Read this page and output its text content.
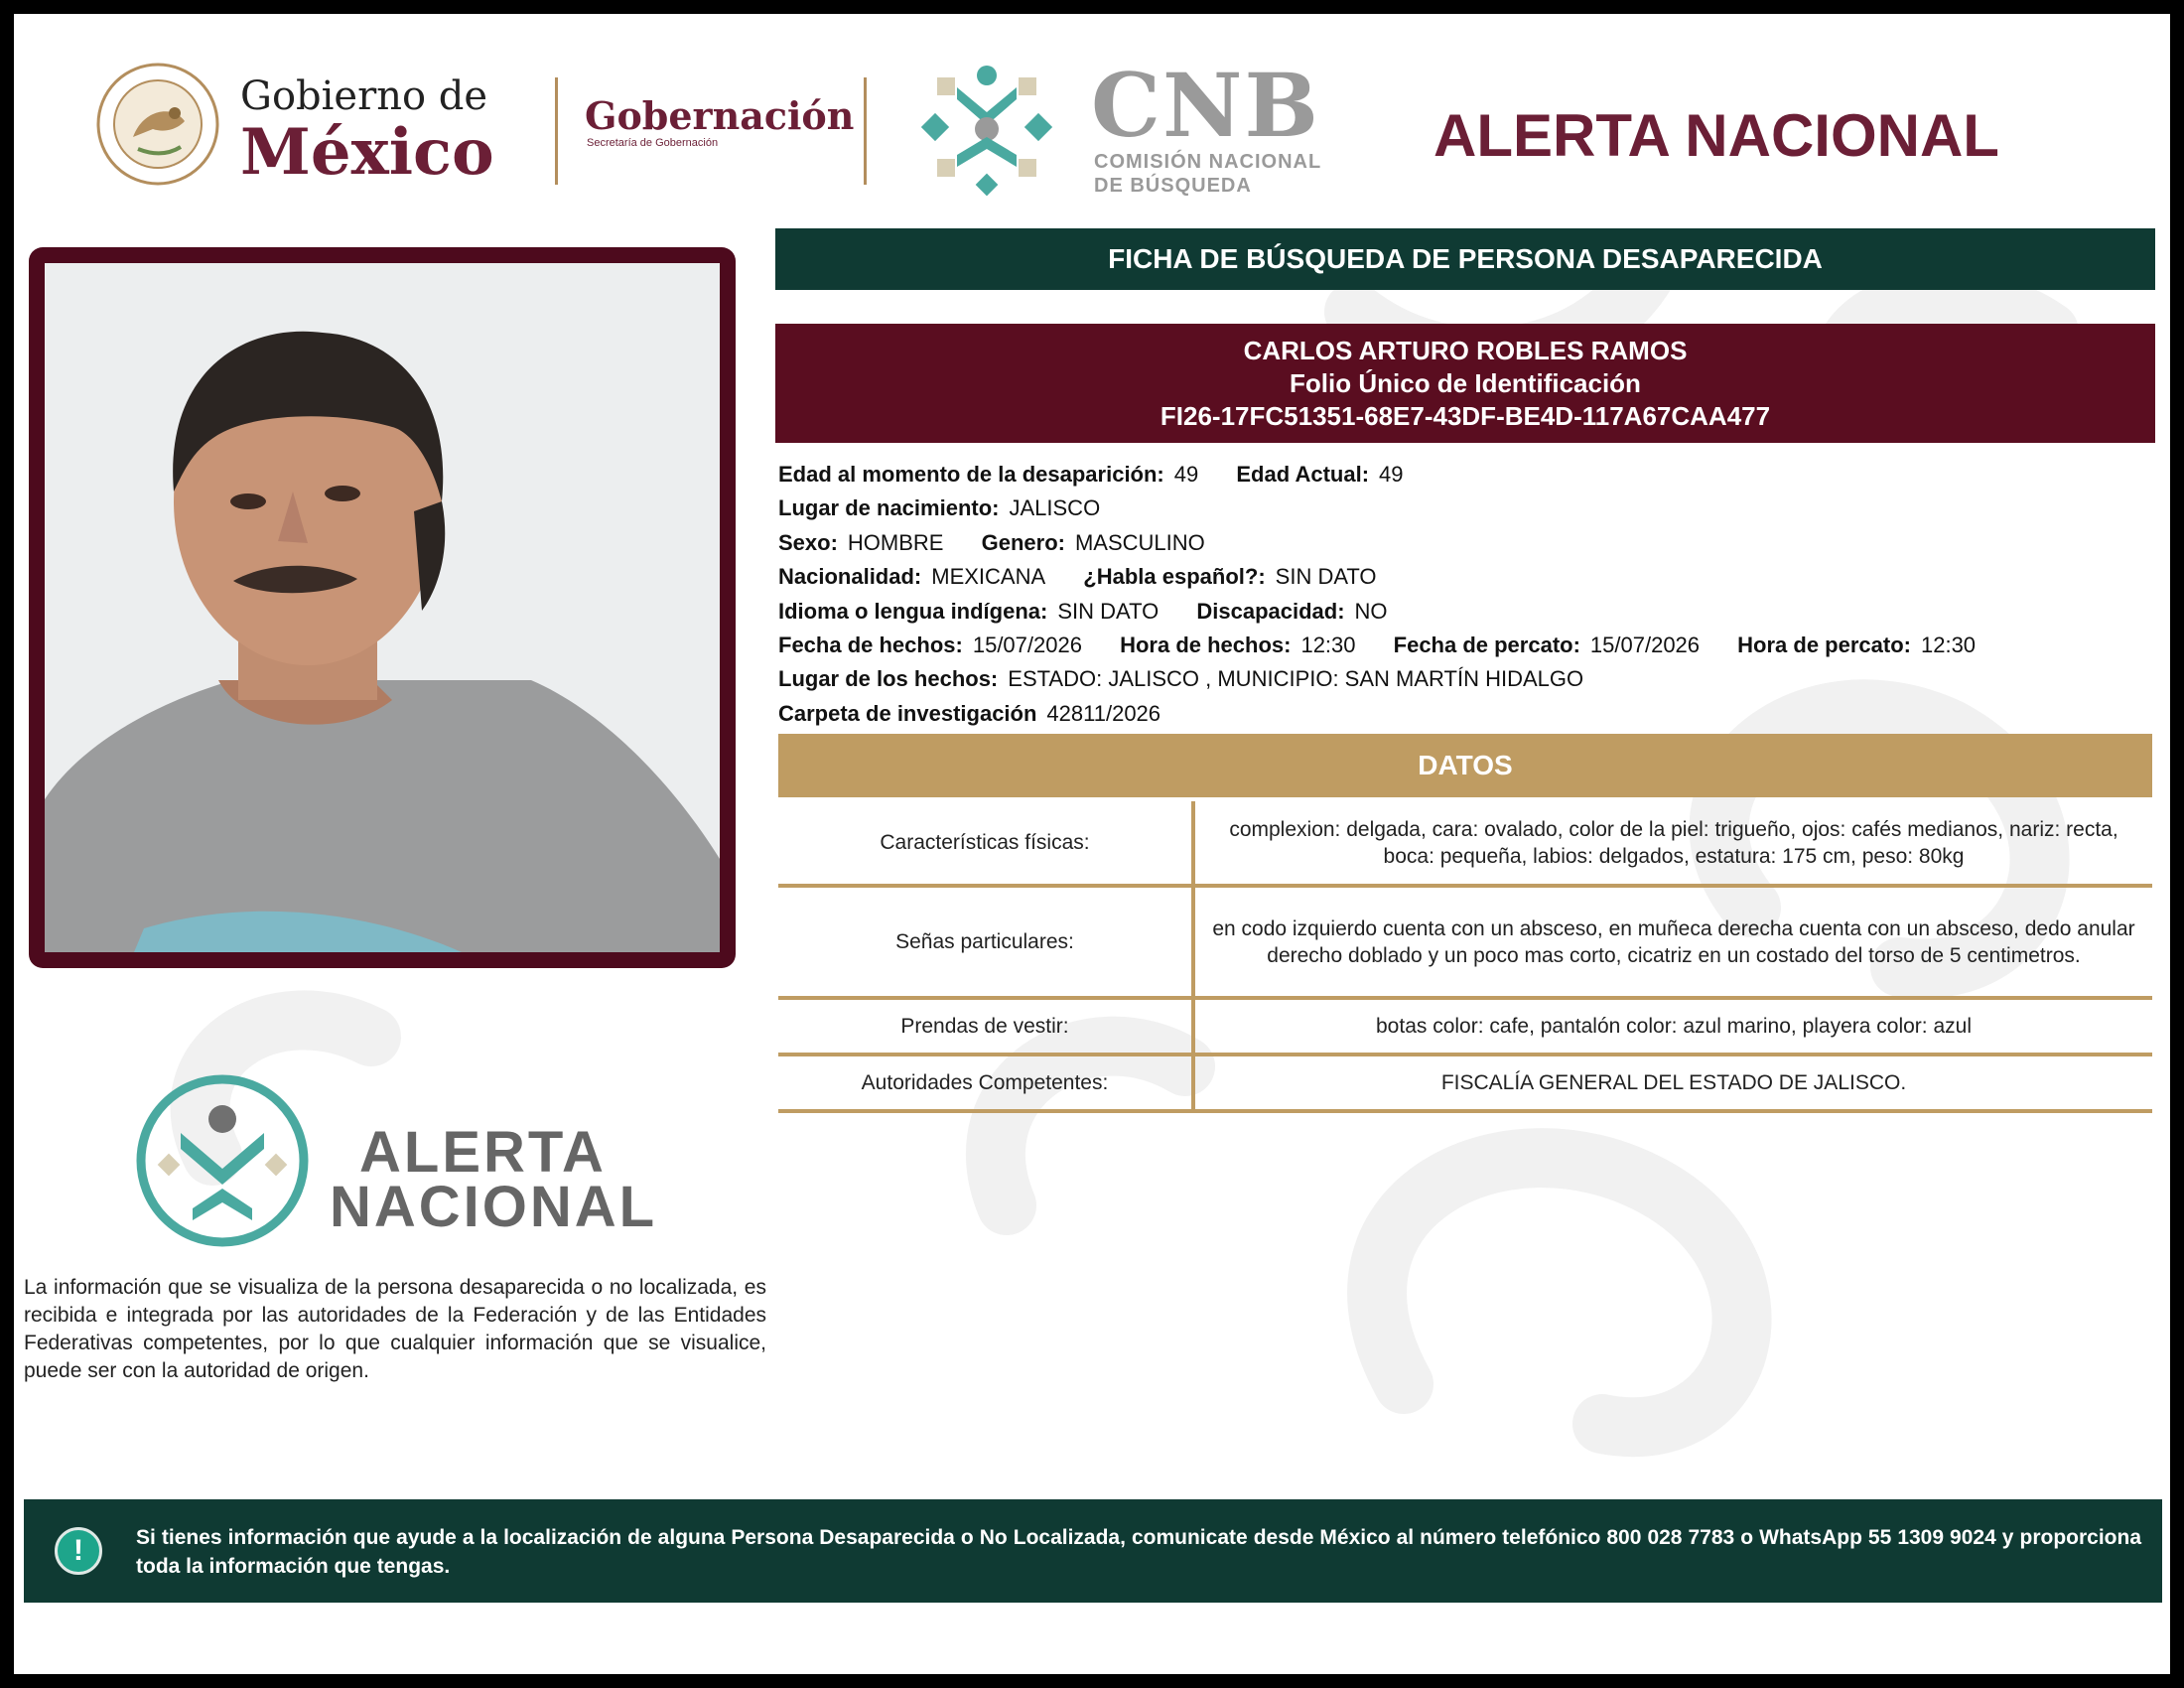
Gobierno de
México Gobernación
Secretaría de Gobernación	CNB
COMISIÓN NACIONAL
DE BÚSQUEDA
ALERTA NACIONAL
FICHA DE BÚSQUEDA DE PERSONA DESAPARECIDA
CARLOS ARTURO ROBLES RAMOS
Folio Único de Identificación
FI26-17FC51351-68E7-43DF-BE4D-117A67CAA477
Edad al momento de la desaparición: 49 Edad Actual: 49
Lugar de nacimiento: JALISCO
Sexo: HOMBRE Genero: MASCULINO
Nacionalidad: MEXICANA ¿Habla español?: SIN DATO
Idioma o lengua indígena: SIN DATO Discapacidad: NO
Fecha de hechos: 15/07/2026 Hora de hechos: 12:30 Fecha de percato: 15/07/2026 Hora de percato: 12:30
Lugar de los hechos: ESTADO: JALISCO , MUNICIPIO: SAN MARTÍN HIDALGO
Carpeta de investigación 42811/2026
DATOS
Características físicas:	complexion: delgada, cara: ovalado, color de la piel: trigueño, ojos: cafés medianos, nariz: recta, boca: pequeña, labios: delgados, estatura: 175 cm, peso: 80kg
Señas particulares:	en codo izquierdo cuenta con un absceso, en muñeca derecha cuenta con un absceso, dedo anular derecho doblado y un poco mas corto, cicatriz en un costado del torso de 5 centimetros.
Prendas de vestir:	botas color: cafe, pantalón color: azul marino, playera color: azul
Autoridades Competentes:	FISCALÍA GENERAL DEL ESTADO DE JALISCO.
ALERTA
NACIONAL
La información que se visualiza de la persona desaparecida o no localizada, es recibida e integrada por las autoridades de la Federación y de las Entidades Federativas competentes, por lo que cualquier información que se visualice, puede ser con la autoridad de origen.
!	Si tienes información que ayude a la localización de alguna Persona Desaparecida o No Localizada, comunicate desde México al número telefónico 800 028 7783 o WhatsApp 55 1309 9024 y proporciona toda la información que tengas.
